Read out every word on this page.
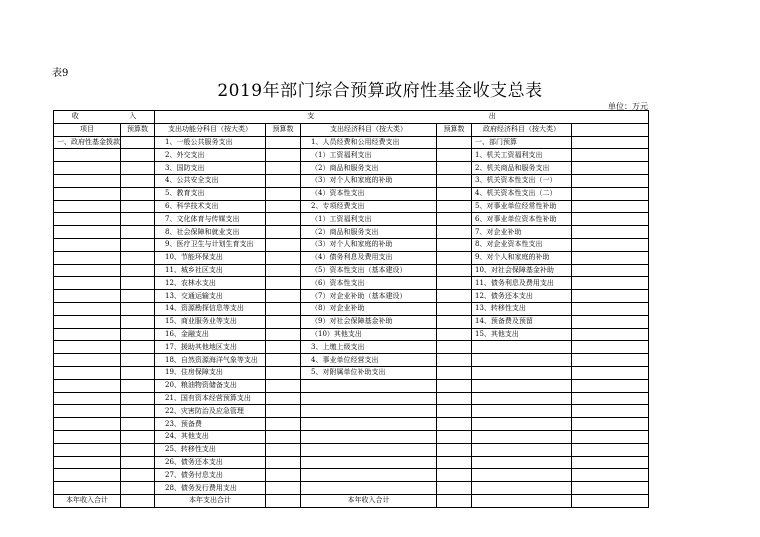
表9
2019年部门综合预算政府性基金收支总表
单位：万元
收 入		支 出					
项目	预算数	支出功能分科目（按大类）	预算数	支出经济科目（按大类）	预算数	政府经济科目（按大类）	
一、政府性基金拨款		1、一般公共服务支出		1、人员经费和公用经费支出		一、部门预算	
		2、外交支出		（1）工资福利支出		1、机关工资福利支出	
		3、国防支出		（2）商品和服务支出		2、机关商品和服务支出	
		4、公共安全支出		（3）对个人和家庭的补助		3、机关资本性支出（一）	
		5、教育支出		（4）资本性支出		4、机关资本性支出（二）	
		6、科学技术支出		2、专项经费支出		5、对事业单位经常性补助	
		7、文化体育与传媒支出		（1）工资福利支出		6、对事业单位资本性补助	
		8、社会保障和就业支出		（2）商品和服务支出		7、对企业补助	
		9、医疗卫生与计划生育支出		（3）对个人和家庭的补助		8、对企业资本性支出	
		10、节能环保支出		（4）债务利息及费用支出		9、对个人和家庭的补助	
		11、城乡社区支出		（5）资本性支出（基本建设）		10、对社会保障基金补助	
		12、农林水支出		（6）资本性支出		11、债务利息及费用支出	
		13、交通运输支出		（7）对企业补助（基本建设）		12、债务还本支出	
		14、资源勘探信息等支出		（8）对企业补助		13、转移性支出	
		15、商业服务业等支出		（9）对社会保障基金补助		14、预备费及预留	
		16、金融支出		（10）其他支出		15、其他支出	
		17、援助其他地区支出		3、上缴上级支出			
		18、自然资源海洋气象等支出		4、事业单位经营支出			
		19、住房保障支出		5、对附属单位补助支出			
		20、粮油物资储备支出					
		21、国有资本经营预算支出					
		22、灾害防治及应急管理					
		23、预备费					
		24、其他支出					
		25、转移性支出					
		26、债务还本支出					
		27、债务付息支出					
		28、债务发行费用支出					
本年收入合计		本年支出合计		本年收入合计			
